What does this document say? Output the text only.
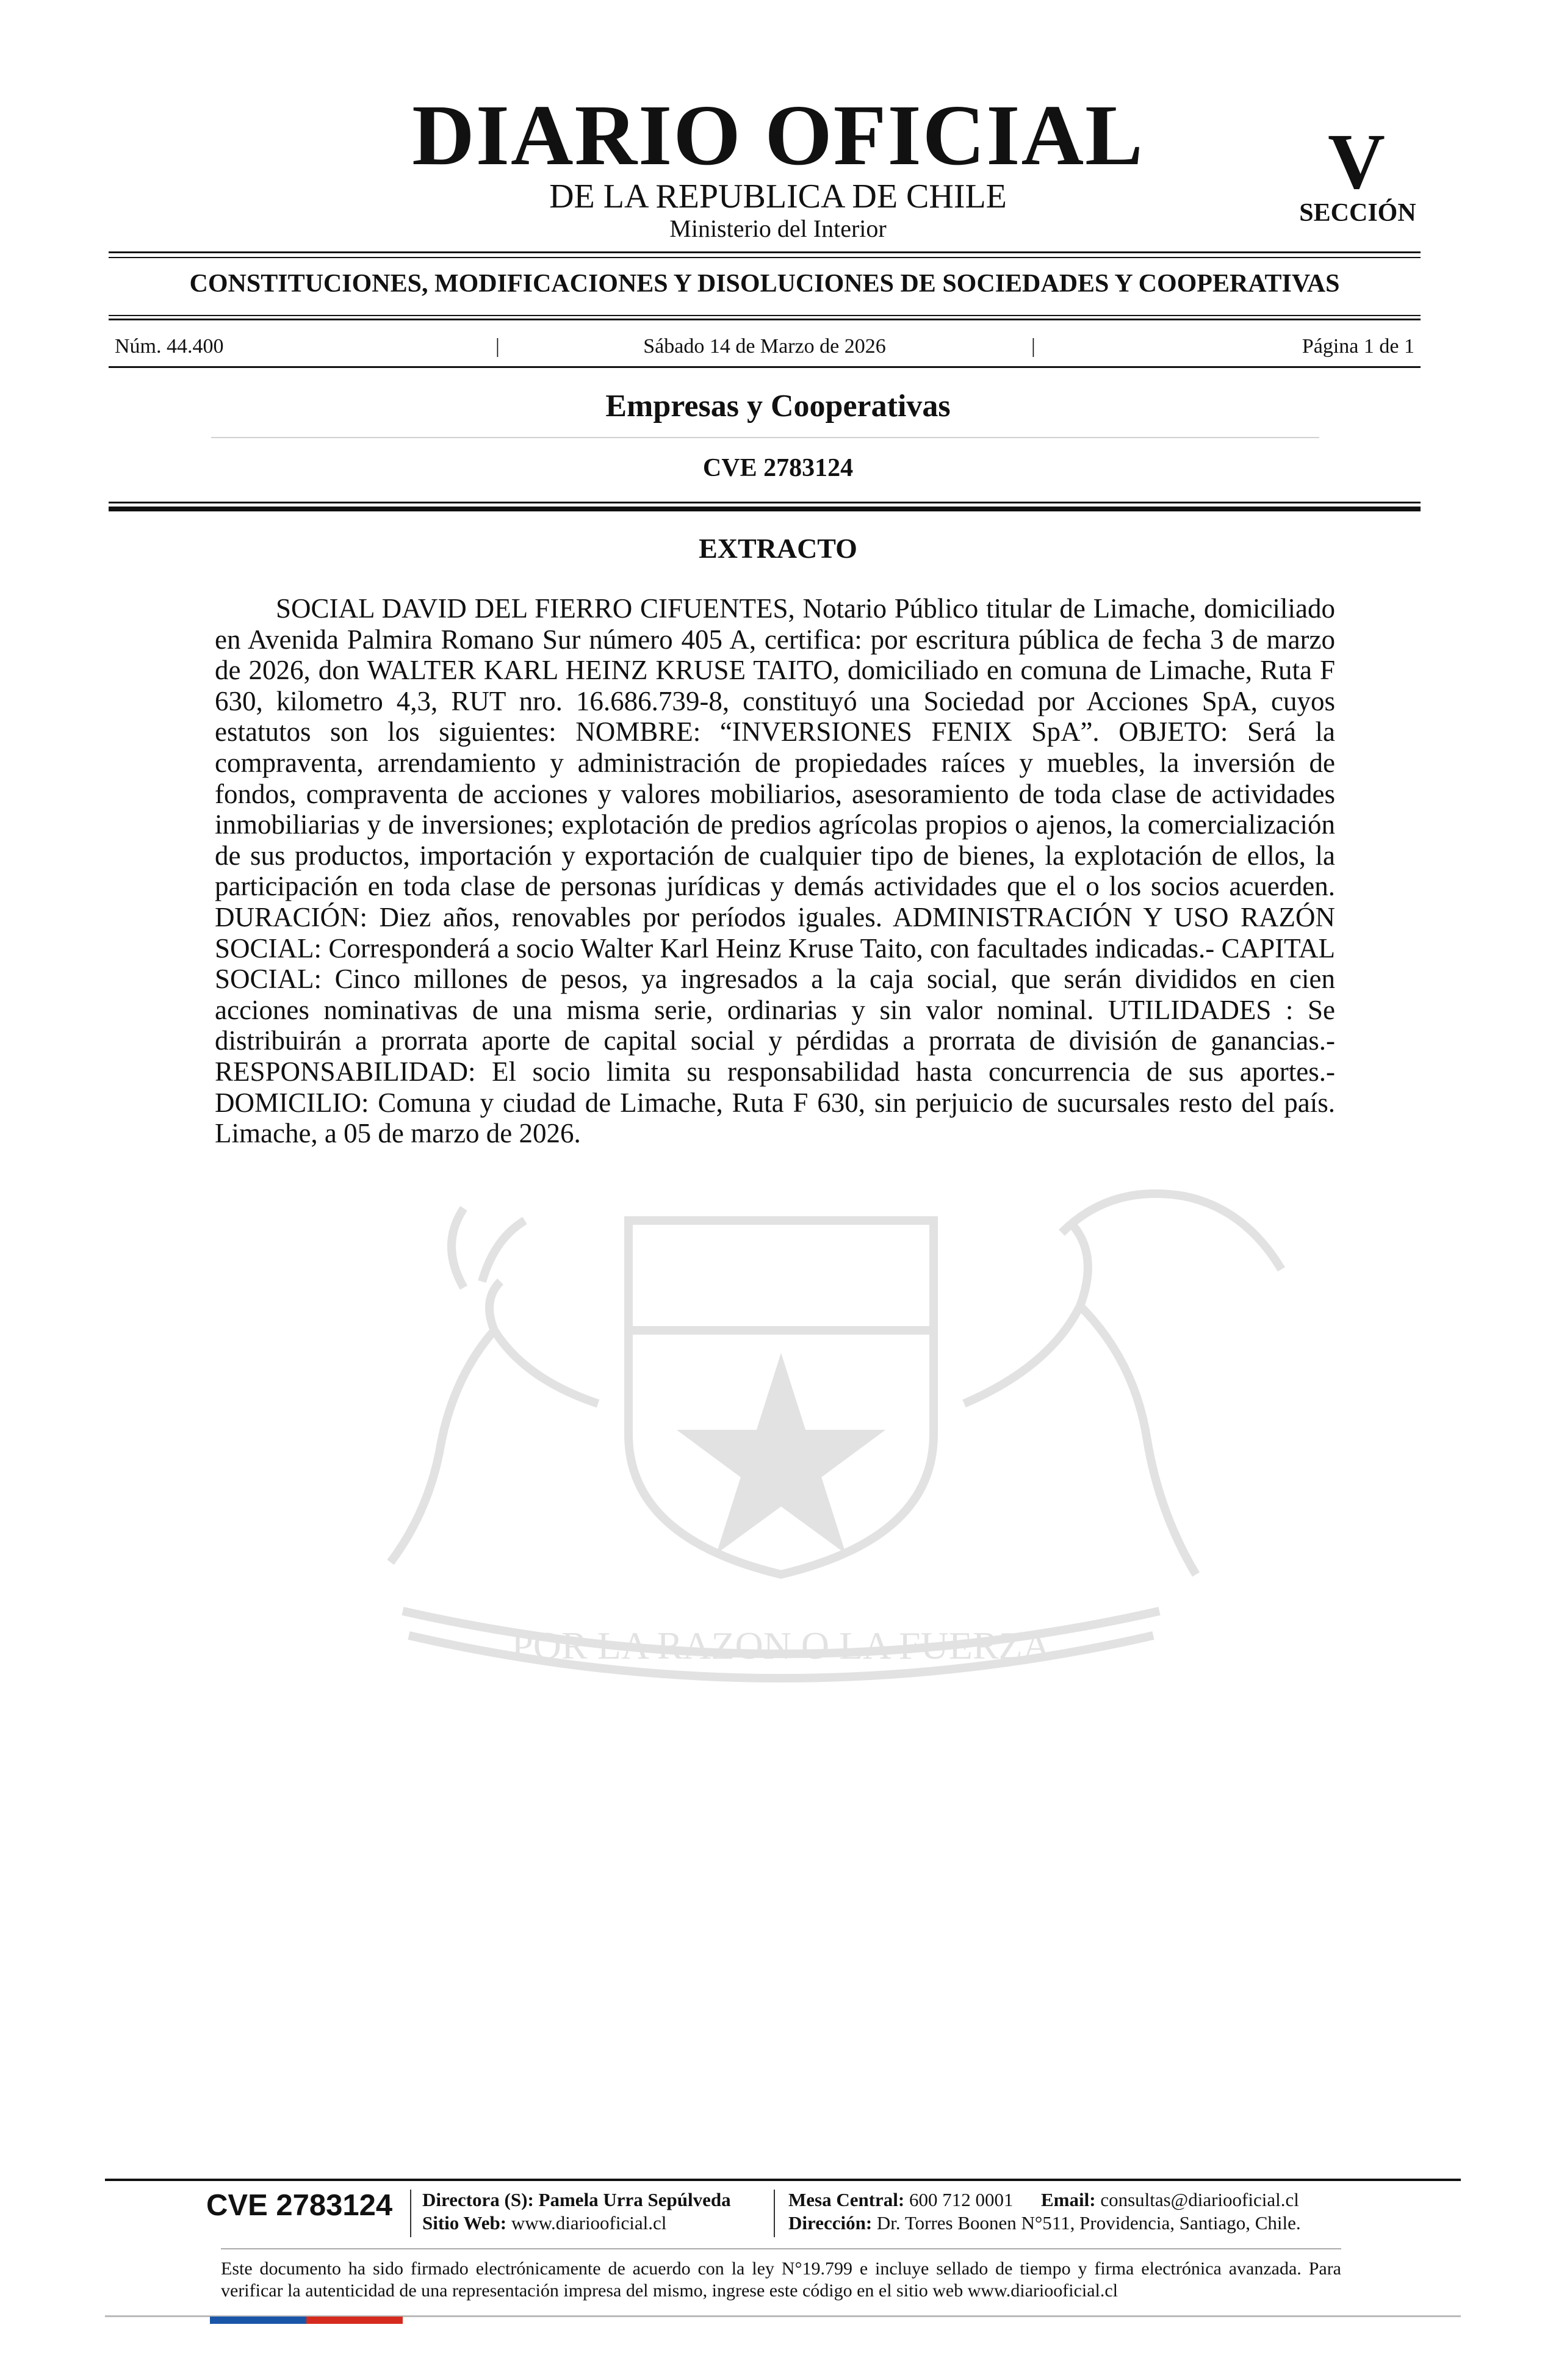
DIARIO OFICIAL
DE LA REPUBLICA DE CHILE
Ministerio del Interior
V
SECCIÓN
CONSTITUCIONES, MODIFICACIONES Y DISOLUCIONES DE SOCIEDADES Y COOPERATIVAS
Núm. 44.400	|	Sábado 14 de Marzo de 2026	|	Página 1 de 1
Empresas y Cooperativas
CVE 2783124
POR LA RAZON O LA FUERZA
EXTRACTO

SOCIAL DAVID DEL FIERRO CIFUENTES, Notario Público titular de Limache, domiciliado en Avenida Palmira Romano Sur número 405 A, certifica: por escritura pública de fecha 3 de marzo de 2026, don WALTER KARL HEINZ KRUSE TAITO, domiciliado en comuna de Limache, Ruta F 630, kilometro 4,3, RUT nro. 16.686.739-8, constituyó una Sociedad por Acciones SpA, cuyos estatutos son los siguientes: NOMBRE: “INVERSIONES FENIX SpA”. OBJETO: Será la compraventa, arrendamiento y administración de propiedades raíces y muebles, la inversión de fondos, compraventa de acciones y valores mobiliarios, asesoramiento de toda clase de actividades inmobiliarias y de inversiones; explotación de predios agrícolas propios o ajenos, la comercialización de sus productos, importación y exportación de cualquier tipo de bienes, la explotación de ellos, la participación en toda clase de personas jurídicas y demás actividades que el o los socios acuerden. DURACIÓN: Diez años, renovables por períodos iguales. ADMINISTRACIÓN Y USO RAZÓN SOCIAL: Corresponderá a socio Walter Karl Heinz Kruse Taito, con facultades indicadas.- CAPITAL SOCIAL: Cinco millones de pesos, ya ingresados a la caja social, que serán divididos en cien acciones nominativas de una misma serie, ordinarias y sin valor nominal. UTILIDADES : Se distribuirán a prorrata aporte de capital social y pérdidas a prorrata de división de ganancias.-RESPONSABILIDAD: El socio limita su responsabilidad hasta concurrencia de sus aportes.- DOMICILIO: Comuna y ciudad de Limache, Ruta F 630, sin perjuicio de sucursales resto del país. Limache, a 05 de marzo de 2026.

CVE 2783124 Directora (S): Pamela Urra Sepúlveda
Sitio Web: www.diariooficial.cl
Mesa Central: 600 712 0001 Email: consultas@diariooficial.cl
Dirección: Dr. Torres Boonen N°511, Providencia, Santiago, Chile.

Este documento ha sido firmado electrónicamente de acuerdo con la ley N°19.799 e incluye sellado de tiempo y firma electrónica avanzada. Para verificar la autenticidad de una representación impresa del mismo, ingrese este código en el sitio web www.diariooficial.cl
